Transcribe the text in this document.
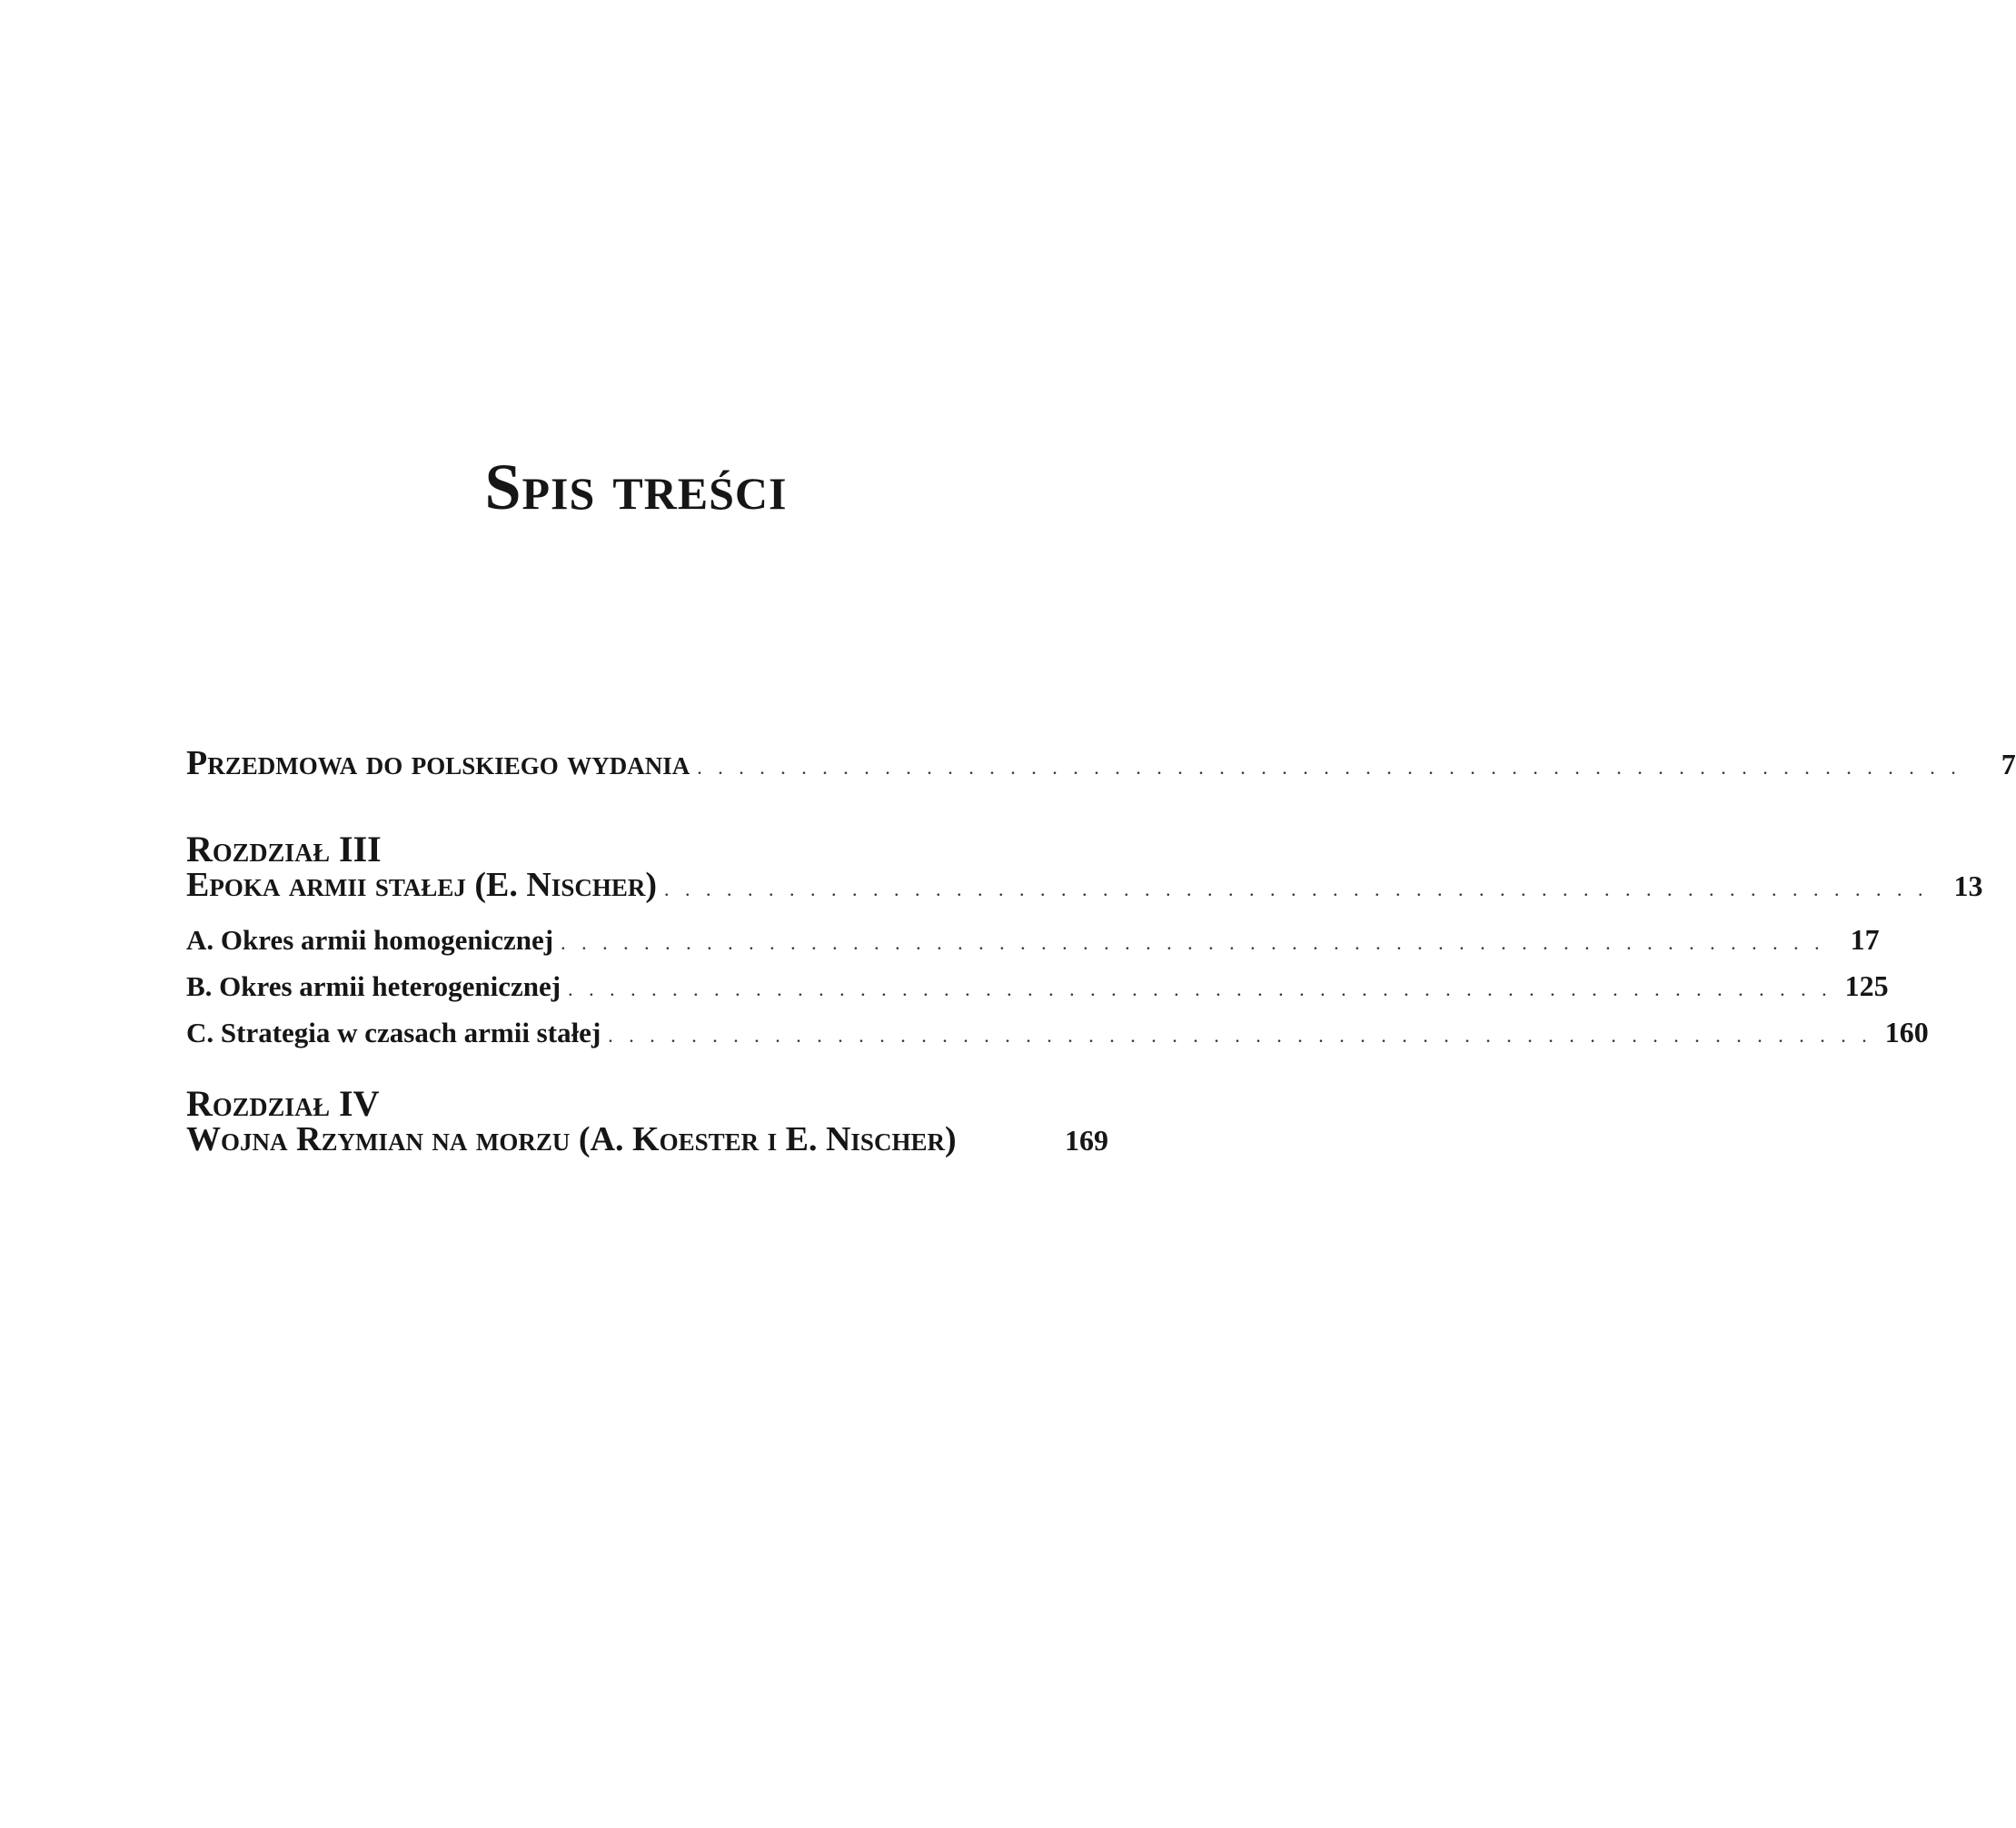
Spis treści
Przedmowa do polskiego wydania . . . . . . . . . . . . . . . . . . . . . . . . . . . . . . . . . . . . . . . . . . . . . . . . . . . . . . . . . . . . .	7
Rozdział III
Epoka armii stałej (E. Nischer) . . . . . . . . . . . . . . . . . . . . . . . . . . . . . . . . . . . . . . . . . . . . . . . . . . . . . . . . . . . . . 13
A. Okres armii homogenicznej . . . . . . . . . . . . . . . . . . . . . . . . . . . . . . . . . . . . . . . . . . . . . . . . . . . . . . . . . . . . . 17
B. Okres armii heterogenicznej . . . . . . . . . . . . . . . . . . . . . . . . . . . . . . . . . . . . . . . . . . . . . . . . . . . . . . . . . . . . . 125
C. Strategia w czasach armii stałej . . . . . . . . . . . . . . . . . . . . . . . . . . . . . . . . . . . . . . . . . . . . . . . . . . . . . . . . . . . . . 160
Rozdział IV
Wojna Rzymian na morzu (A. Koester i E. Nischer)	169
